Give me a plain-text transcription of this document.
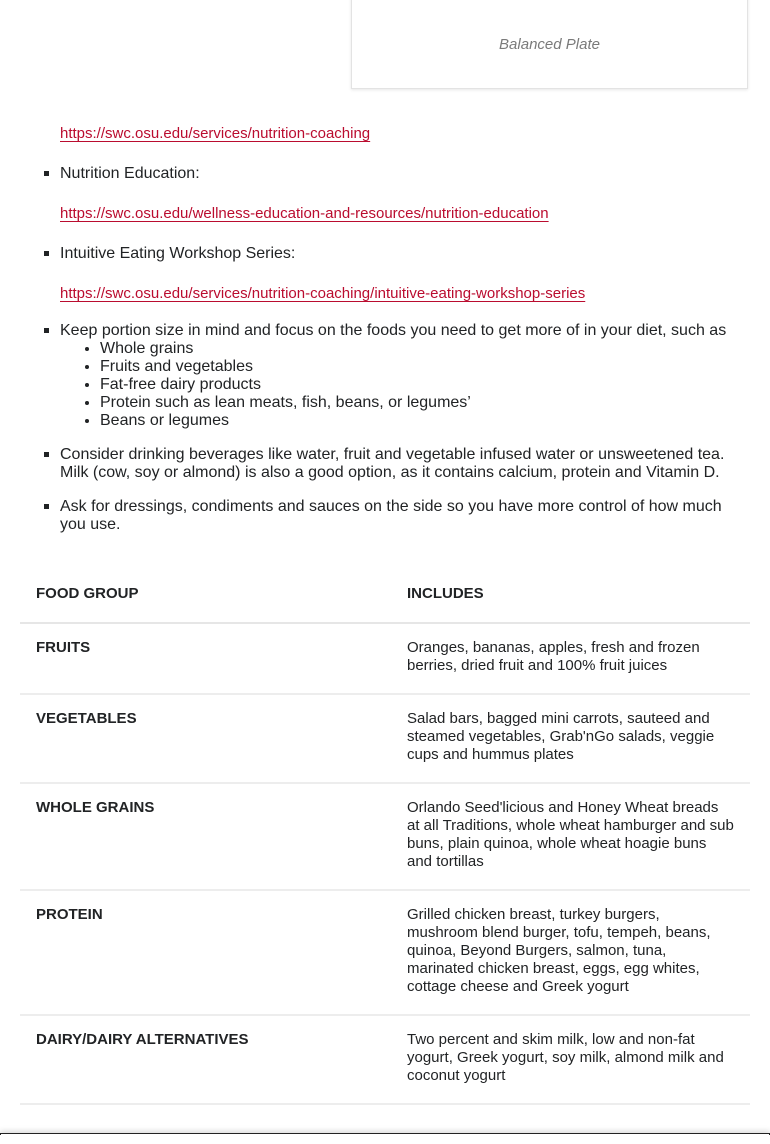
Balanced Plate
https://swc.osu.edu/services/nutrition-coaching
Nutrition Education:
https://swc.osu.edu/wellness-education-and-resources/nutrition-education
Intuitive Eating Workshop Series:
https://swc.osu.edu/services/nutrition-coaching/intuitive-eating-workshop-series
Keep portion size in mind and focus on the foods you need to get more of in your diet, such as
• Whole grains
• Fruits and vegetables
• Fat-free dairy products
• Protein such as lean meats, fish, beans, or legumes’
• Beans or legumes
Consider drinking beverages like water, fruit and vegetable infused water or unsweetened tea. Milk (cow, soy or almond) is also a good option, as it contains calcium, protein and Vitamin D.
Ask for dressings, condiments and sauces on the side so you have more control of how much you use.
FOOD GROUP	INCLUDES
FRUITS	Oranges, bananas, apples, fresh and frozen berries, dried fruit and 100% fruit juices
VEGETABLES	Salad bars, bagged mini carrots, sauteed and steamed vegetables, Grab'nGo salads, veggie cups and hummus plates
WHOLE GRAINS	Orlando Seed'licious and Honey Wheat breads at all Traditions, whole wheat hamburger and sub buns, plain quinoa, whole wheat hoagie buns and tortillas
PROTEIN	Grilled chicken breast, turkey burgers, mushroom blend burger, tofu, tempeh, beans, quinoa, Beyond Burgers, salmon, tuna, marinated chicken breast, eggs, egg whites, cottage cheese and Greek yogurt
DAIRY/DAIRY ALTERNATIVES	Two percent and skim milk, low and non-fat yogurt, Greek yogurt, soy milk, almond milk and coconut yogurt
